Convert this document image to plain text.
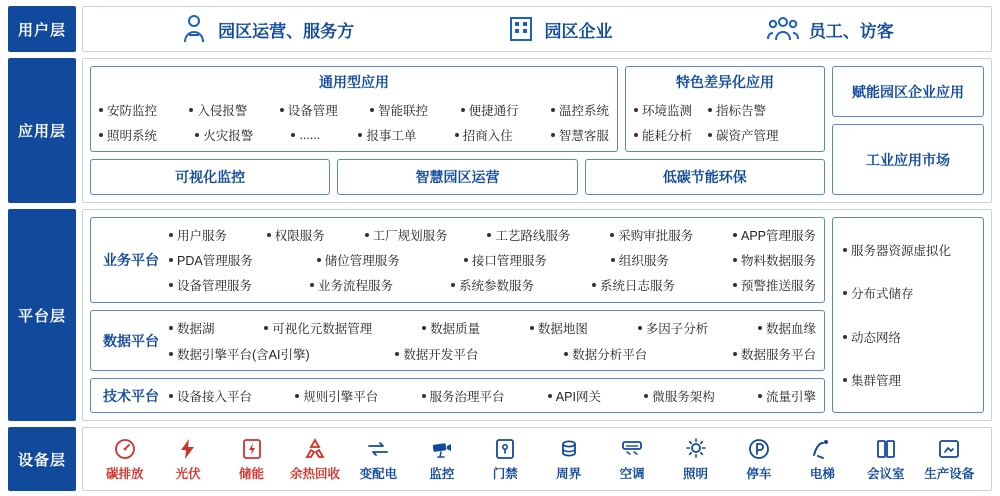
用户层	园区运营、服务方	园区企业	员工、访客
应用层
通用型应用
安防监控	入侵报警	设备管理	智能联控	便捷通行	温控系统
照明系统	火灾报警	......	报事工单	招商入住	智慧客服
特色差异化应用
环境监测	指标告警
能耗分析	碳资产管理
可视化监控	智慧园区运营	低碳节能环保
赋能园区企业应用
工业应用市场
平台层
业务平台
用户服务	权限服务	工厂规划服务	工艺路线服务	采购审批服务	APP管理服务
PDA管理服务	储位管理服务	接口管理服务	组织服务	物料数据服务
设备管理服务	业务流程服务	系统参数服务	系统日志服务	预警推送服务
数据平台
数据湖	可视化元数据管理	数据质量	数据地图	多因子分析	数据血缘
数据引擎平台(含AI引擎)	数据开发平台	数据分析平台	数据服务平台
技术平台	设备接入平台	规则引擎平台	服务治理平台	API网关	微服务架构	流量引擎
服务器资源虚拟化
分布式储存
动态网络
集群管理
设备层
碳排放	光伏	储能 余热回收 变配电	监控	门禁	周界	空调	照明	停车	电梯	会议室 生产设备
